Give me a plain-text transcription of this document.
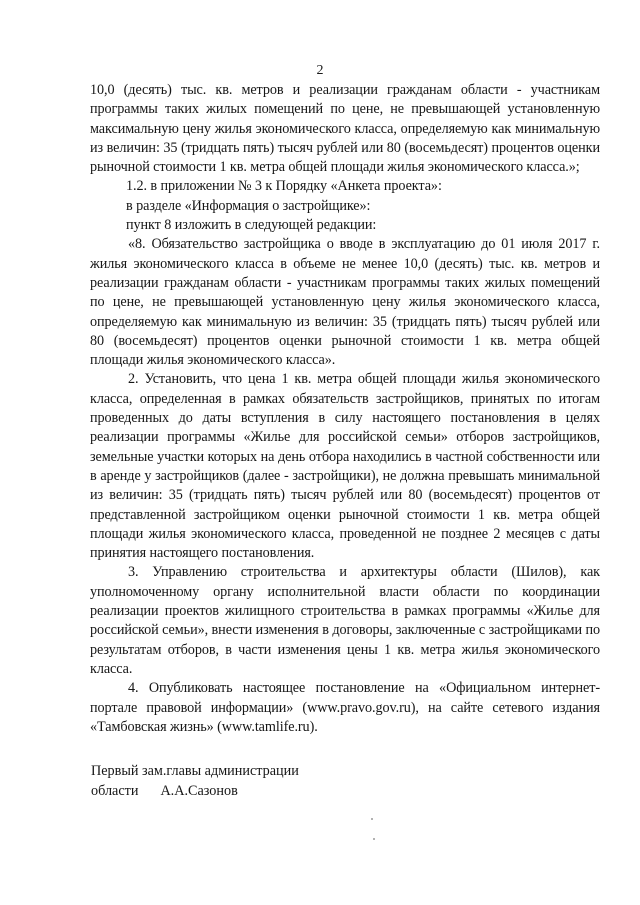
2

10,0 (десять) тыс. кв. метров и реализации гражданам области - участникам программы таких жилых помещений по цене, не превышающей установленную максимальную цену жилья экономического класса, определяемую как минимальную из величин: 35 (тридцать пять) тысяч рублей или 80 (восемьдесят) процентов оценки рыночной стоимости 1 кв. метра общей площади жилья экономического класса.»;

1.2. в приложении № 3 к Порядку «Анкета проекта»:

в разделе «Информация о застройщике»:

пункт 8 изложить в следующей редакции:

«8. Обязательство застройщика о вводе в эксплуатацию до 01 июля 2017 г. жилья экономического класса в объеме не менее 10,0 (десять) тыс. кв. метров и реализации гражданам области - участникам программы таких жилых помещений по цене, не превышающей установленную цену жилья экономического класса, определяемую как минимальную из величин: 35 (тридцать пять) тысяч рублей или 80 (восемьдесят) процентов оценки рыночной стоимости 1 кв. метра общей площади жилья экономического класса».

2. Установить, что цена 1 кв. метра общей площади жилья экономического класса, определенная в рамках обязательств застройщиков, принятых по итогам проведенных до даты вступления в силу настоящего постановления в целях реализации программы «Жилье для российской семьи» отборов застройщиков, земельные участки которых на день отбора находились в частной собственности или в аренде у застройщиков (далее - застройщики), не должна превышать минимальной из величин: 35 (тридцать пять) тысяч рублей или 80 (восемьдесят) процентов от представленной застройщиком оценки рыночной стоимости 1 кв. метра общей площади жилья экономического класса, проведенной не позднее 2 месяцев с даты принятия настоящего постановления.

3. Управлению строительства и архитектуры области (Шилов), как уполномоченному органу исполнительной власти области по координации реализации проектов жилищного строительства в рамках программы «Жилье для российской семьи», внести изменения в договоры, заключенные с застройщиками по результатам отборов, в части изменения цены 1 кв. метра жилья экономического класса.

4. Опубликовать настоящее постановление на «Официальном интернет-портале правовой информации» (www.pravo.gov.ru), на сайте сетевого издания «Тамбовская жизнь» (www.tamlife.ru).

Первый зам.главы администрации

области А.А.Сазонов
